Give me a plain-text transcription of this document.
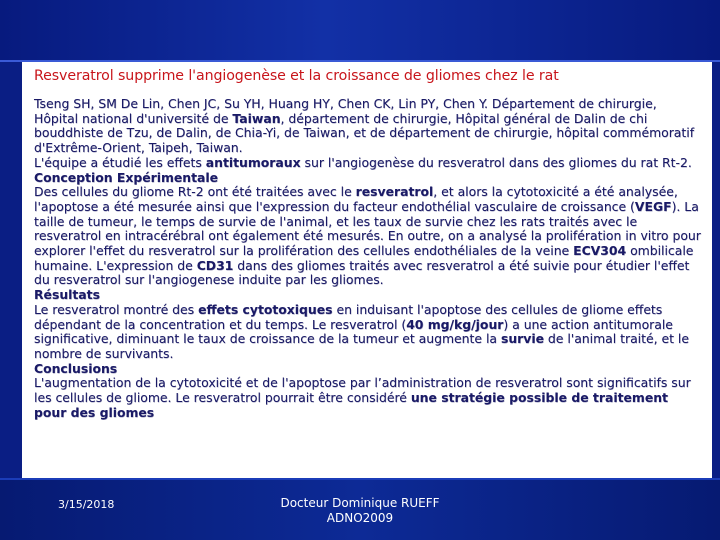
Resveratrol supprime l'angiogenèse et la croissance de gliomes chez le rat

Tseng SH, SM De Lin, Chen JC, Su YH, Huang HY, Chen CK, Lin PY, Chen Y. Département de chirurgie, Hôpital national d'université de Taiwan, département de chirurgie, Hôpital général de Dalin de chi bouddhiste de Tzu, de Dalin, de Chia-Yi, de Taiwan, et de département de chirurgie, hôpital commémoratif d'Extrême-Orient, Taipeh, Taiwan.

L'équipe a étudié les effets antitumoraux sur l'angiogenèse du resveratrol dans des gliomes du rat Rt-2. Conception Expérimentale

Des cellules du gliome Rt-2 ont été traitées avec le resveratrol, et alors la cytotoxicité a été analysée, l'apoptose a été mesurée ainsi que l'expression du facteur endothélial vasculaire de croissance (VEGF). La taille de tumeur, le temps de survie de l'animal, et les taux de survie chez les rats traités avec le resveratrol en intracérébral ont également été mesurés. En outre, on a analysé la prolifération in vitro pour explorer l'effet du resveratrol sur la prolifération des cellules endothéliales de la veine ECV304 ombilicale humaine. L'expression de CD31 dans des gliomes traités avec resveratrol a été suivie pour étudier l'effet du resveratrol sur l'angiogenese induite par les gliomes.

Résultats

Le resveratrol montré des effets cytotoxiques en induisant l'apoptose des cellules de gliome effets dépendant de la concentration et du temps. Le resveratrol (40 mg/kg/jour) a une action antitumorale significative, diminuant le taux de croissance de la tumeur et augmente la survie de l'animal traité, et le nombre de survivants.

Conclusions

L'augmentation de la cytotoxicité et de l'apoptose par l’administration de resveratrol sont significatifs sur les cellules de gliome. Le resveratrol pourrait être considéré une stratégie possible de traitement pour des gliomes

3/15/2018	Docteur Dominique RUEFF
ADNO2009
